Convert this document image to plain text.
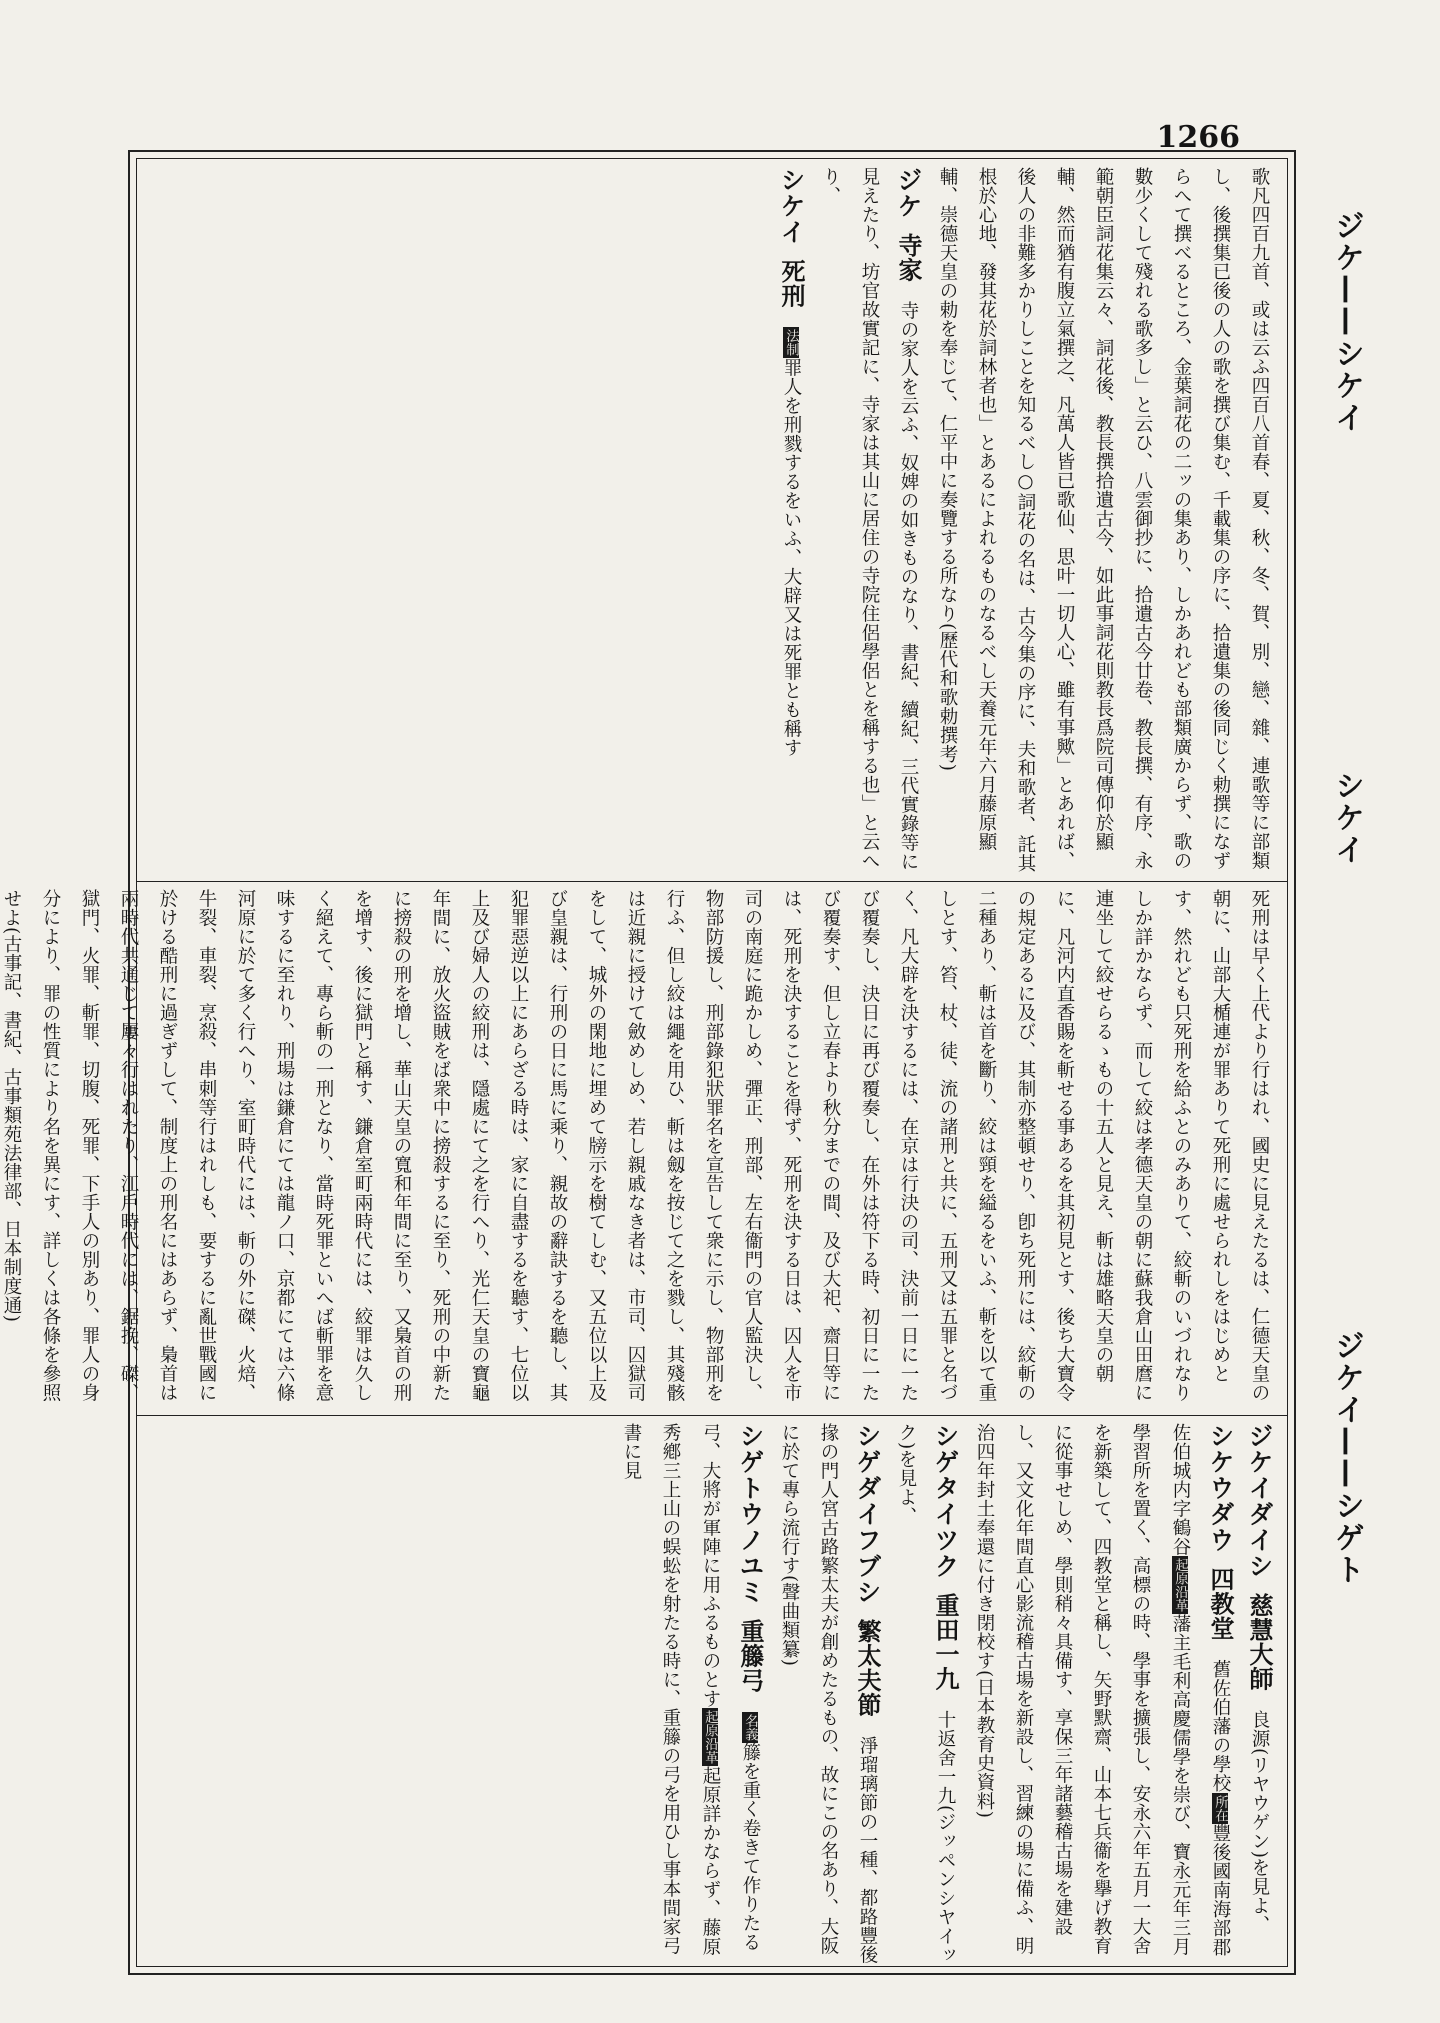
1266

歌凡四百九首、或は云ふ四百八首春、夏、秋、冬、賀、別、戀、雜、連歌等に部類し、後撰集已後の人の歌を撰び集む、千載集の序に、拾遺集の後同じく勅撰になずらへて撰べるところ、金葉詞花の二ッの集あり、しかあれども部類廣からず、歌の數少くして殘れる歌多し」と云ひ、八雲御抄に、拾遺古今廿卷、教長撰、有序、永範朝臣詞花集云々、詞花後、教長撰拾遺古今、如此事詞花則教長爲院司傳仰於顯輔、然而猶有腹立氣撰之、凡萬人皆已歌仙、思叶一切人心、雖有事歟」とあれば、後人の非難多かりしことを知るべし○詞花の名は、古今集の序に、夫和歌者、託其根於心地、發其花於詞林者也」とあるによれるものなるべし天養元年六月藤原顯輔、崇德天皇の勅を奉じて、仁平中に奏覽する所なり(歷代和歌勅撰考)

ジケ寺家　寺の家人を云ふ、奴婢の如きものなり、書紀、續紀、三代實錄等に見えたり、坊官故實記に、寺家は其山に居住の寺院住侶學侶とを稱する也」と云へり、

シケイ死刑　法制罪人を刑戮するをいふ、大辟又は死罪とも稱す

死刑は早く上代より行はれ、國史に見えたるは、仁德天皇の朝に、山部大楯連が罪ありて死刑に處せられしをはじめとす、然れども只死刑を給ふとのみありて、絞斬のいづれなりしか詳かならず、而して絞は孝德天皇の朝に蘇我倉山田麿に連坐して絞せらるゝもの十五人と見え、斬は雄略天皇の朝に、凡河内直香賜を斬せる事あるを其初見とす、後ち大寶令の規定あるに及び、其制亦整頓せり、卽ち死刑には、絞斬の二種あり、斬は首を斷り、絞は頸を縊るをいふ、斬を以て重しとす、笞、杖、徒、流の諸刑と共に、五刑又は五罪と名づく、凡大辟を決するには、在京は行決の司、決前一日に一たび覆奏し、決日に再び覆奏し、在外は符下る時、初日に一たび覆奏す、但し立春より秋分までの間、及び大祀、齋日等には、死刑を決することを得ず、死刑を決する日は、囚人を市司の南庭に跪かしめ、彈正、刑部、左右衞門の官人監決し、物部防援し、刑部錄犯狀罪名を宣告して衆に示し、物部刑を行ふ、但し絞は繩を用ひ、斬は劔を按じて之を戮し、其殘骸は近親に授けて斂めしめ、若し親戚なき者は、市司、囚獄司をして、城外の閑地に埋めて牓示を樹てしむ、又五位以上及び皇親は、行刑の日に馬に乘り、親故の辭訣するを聽し、其犯罪惡逆以上にあらざる時は、家に自盡するを聽す、七位以上及び婦人の絞刑は、隱處にて之を行へり、光仁天皇の寶龜年間に、放火盜賊をば衆中に搒殺するに至り、死刑の中新たに搒殺の刑を增し、華山天皇の寬和年間に至り、又梟首の刑を增す、後に獄門と稱す、鎌倉室町兩時代には、絞罪は久しく絕えて、專ら斬の一刑となり、當時死罪といへば斬罪を意味するに至れり、刑場は鎌倉にては龍ノ口、京都にては六條河原に於て多く行へり、室町時代には、斬の外に磔、火焙、牛裂、車裂、烹殺、串刺等行はれしも、要するに亂世戰國に於ける酷刑に過ぎずして、制度上の刑名にはあらず、梟首は兩時代共通じて屢々行はれたり、江戶時代には、鋸挽、磔、獄門、火罪、斬罪、切腹、死罪、下手人の別あり、罪人の身分により、罪の性質により名を異にす、詳しくは各條を參照せよ(古事記、書紀、古事類苑法律部、日本制度通)

ジケイダイシ慈慧大師　良源(リヤウゲン)を見よ、

シケウダウ四教堂　舊佐伯藩の學校所在豐後國南海部郡佐伯城内字鶴谷起原沿革藩主毛利高慶儒學を崇び、寶永元年三月學習所を置く、高標の時、學事を擴張し、安永六年五月一大舍を新築して、四教堂と稱し、矢野默齋、山本七兵衞を擧げ教育に從事せしめ、學則稍々具備す、享保三年諸藝稽古場を建設し、又文化年間直心影流稽古場を新設し、習練の場に備ふ、明治四年封土奉還に付き閉校す(日本教育史資料)

シゲタイツク重田一九　十返舍一九(ジッペンシヤイック)を見よ、

シゲダイフブシ繁太夫節　淨瑠璃節の一種、都路豐後掾の門人宮古路繁太夫が創めたるもの、故にこの名あり、大阪に於て專ら流行す(聲曲類纂)

シゲトウノユミ重籐弓　名義籐を重く卷きて作りたる弓、大將が軍陣に用ふるものとす起原沿革起原詳かならず、藤原秀鄕三上山の蜈蚣を射たる時に、重籐の弓を用ひし事本間家弓書に見

ジケ——シケイ
シケイ
ジケイ——シゲト
